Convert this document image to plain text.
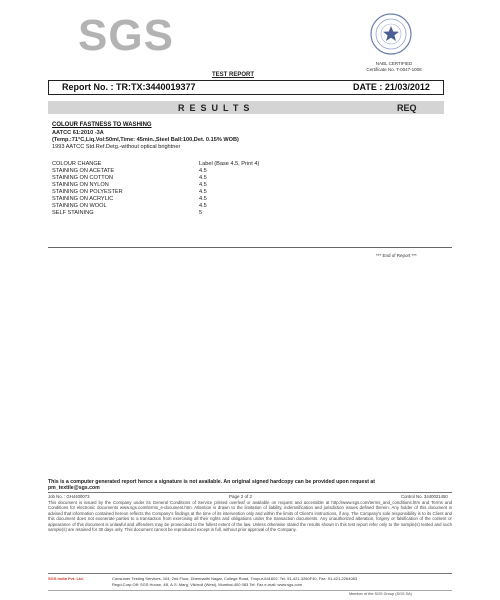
SGS
NABL CERTIFIED
Certificate No. T-0047-1008
TEST REPORT
Report No. : TR:TX:3440019377	DATE : 21/03/2012
RESULTS	REQ
COLOUR FASTNESS TO WASHING
AATCC 61:2010 -3A
(Temp.:71°C,Liq.Vol:50ml,Time: 45min.,Steel Ball:100,Det. 0.15% WOB)
1993 AATCC Std.Ref.Detg.-without optical brightner
COLOUR CHANGE	Label (Base 4.5, Print 4)
STAINING ON ACETATE	4.5
STAINING ON COTTON	4.5
STAINING ON NYLON	4.5
STAINING ON POLYESTER	4.5
STAINING ON ACRYLIC	4.5
STAINING ON WOOL	4.5
SELF STAINING	5
*** End of Report ***
This is a computer generated report hence a signature is not available. An original signed hardcopy can be provided upon request at
pm_textile@sgs.com
Job No. : GH4400073	Page 2 of 2	Control No. 3440021450
This document is issued by the Company under its General Conditions of Service printed overleaf or available on request and accessible at http://www.sgs.com/terms_and_conditions.htm and Terms and Conditions for electronic documents www.sgs.com/terms_e-document.htm. Attention is drawn to the limitation of liability, indemnification and jurisdiction issues defined therein. Any holder of this document is advised that information contained hereon reflects the Company's findings at the time of its intervention only and within the limits of Client's instructions, if any. The Company's sole responsibility is to its Client and this document does not exonerate parties to a transaction from exercising all their rights and obligations under the transaction documents. Any unauthorized alteration, forgery or falsification of the content or appearance of this document is unlawful and offenders may be prosecuted to the fullest extent of the law. Unless otherwise stated the results shown in this test report refer only to the sample(s) tested and such sample(s) are retained for 30 days only. This document cannot be reproduced except in full, without prior approval of the Company.
SGS India Pvt. Ltd.	Consumer Testing Services, 104, 2nd Floor, Dheenadhi Nagar, College Road, Tirupur-641602. Tel: 91-421-3260F40, Fax: 91-421-2264083
Regd.Corp.Off: SGS House, 4B, A.S. Marg, Vikhroli (West), Mumbai-400 083 Tel: Fax e-mail: www.sgs.com
Member of the SGS Group (SGS SA)
